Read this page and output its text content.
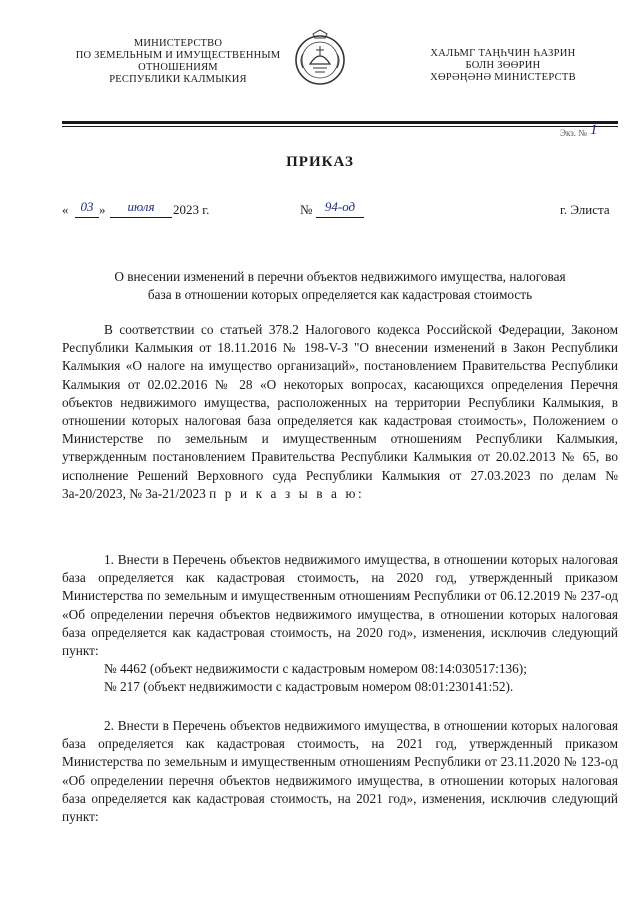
МИНИСТЕРСТВО
ПО ЗЕМЕЛЬНЫМ И ИМУЩЕСТВЕННЫМ
ОТНОШЕНИЯМ
РЕСПУБЛИКИ КАЛМЫКИЯ
ХАЛЬМГ ТАҢҺЧИН ҺАЗРИН
БОЛН ЗӨӨРИН
ХӨРӘҢӘНӘ МИНИСТЕРСТВ
Экз. № 1
ПРИКАЗ
« 03 »	июля	2023 г.	№ 94-од	г. Элиста
О внесении изменений в перечни объектов недвижимого имущества, налоговая
база в отношении которых определяется как кадастровая стоимость

В соответствии со статьей 378.2 Налогового кодекса Российской Федерации, Законом Республики Калмыкия от 18.11.2016 № 198-V-З "О внесении изменений в Закон Республики Калмыкия «О налоге на имущество организаций», постановлением Правительства Республики Калмыкия от 02.02.2016 № 28 «О некоторых вопросах, касающихся определения Перечня объектов недвижимого имущества, расположенных на территории Республики Калмыкия, в отношении которых налоговая база определяется как кадастровая стоимость», Положением о Министерстве по земельным и имущественным отношениям Республики Калмыкия, утвержденным постановлением Правительства Республики Калмыкия от 20.02.2013 № 65, во исполнение Решений Верховного суда Республики Калмыкия от 27.03.2023 по делам № 3а-20/2023, № 3а-21/2023 п р и к а з ы в а ю:

1. Внести в Перечень объектов недвижимого имущества, в отношении которых налоговая база определяется как кадастровая стоимость, на 2020 год, утвержденный приказом Министерства по земельным и имущественным отношениям Республики от 06.12.2019 № 237-од «Об определении перечня объектов недвижимого имущества, в отношении которых налоговая база определяется как кадастровая стоимость, на 2020 год», изменения, исключив следующий пункт:

№ 4462 (объект недвижимости с кадастровым номером 08:14:030517:136);

№ 217 (объект недвижимости с кадастровым номером 08:01:230141:52).

2. Внести в Перечень объектов недвижимого имущества, в отношении которых налоговая база определяется как кадастровая стоимость, на 2021 год, утвержденный приказом Министерства по земельным и имущественным отношениям Республики от 23.11.2020 № 123-од «Об определении перечня объектов недвижимого имущества, в отношении которых налоговая база определяется как кадастровая стоимость, на 2021 год», изменения, исключив следующий пункт:
